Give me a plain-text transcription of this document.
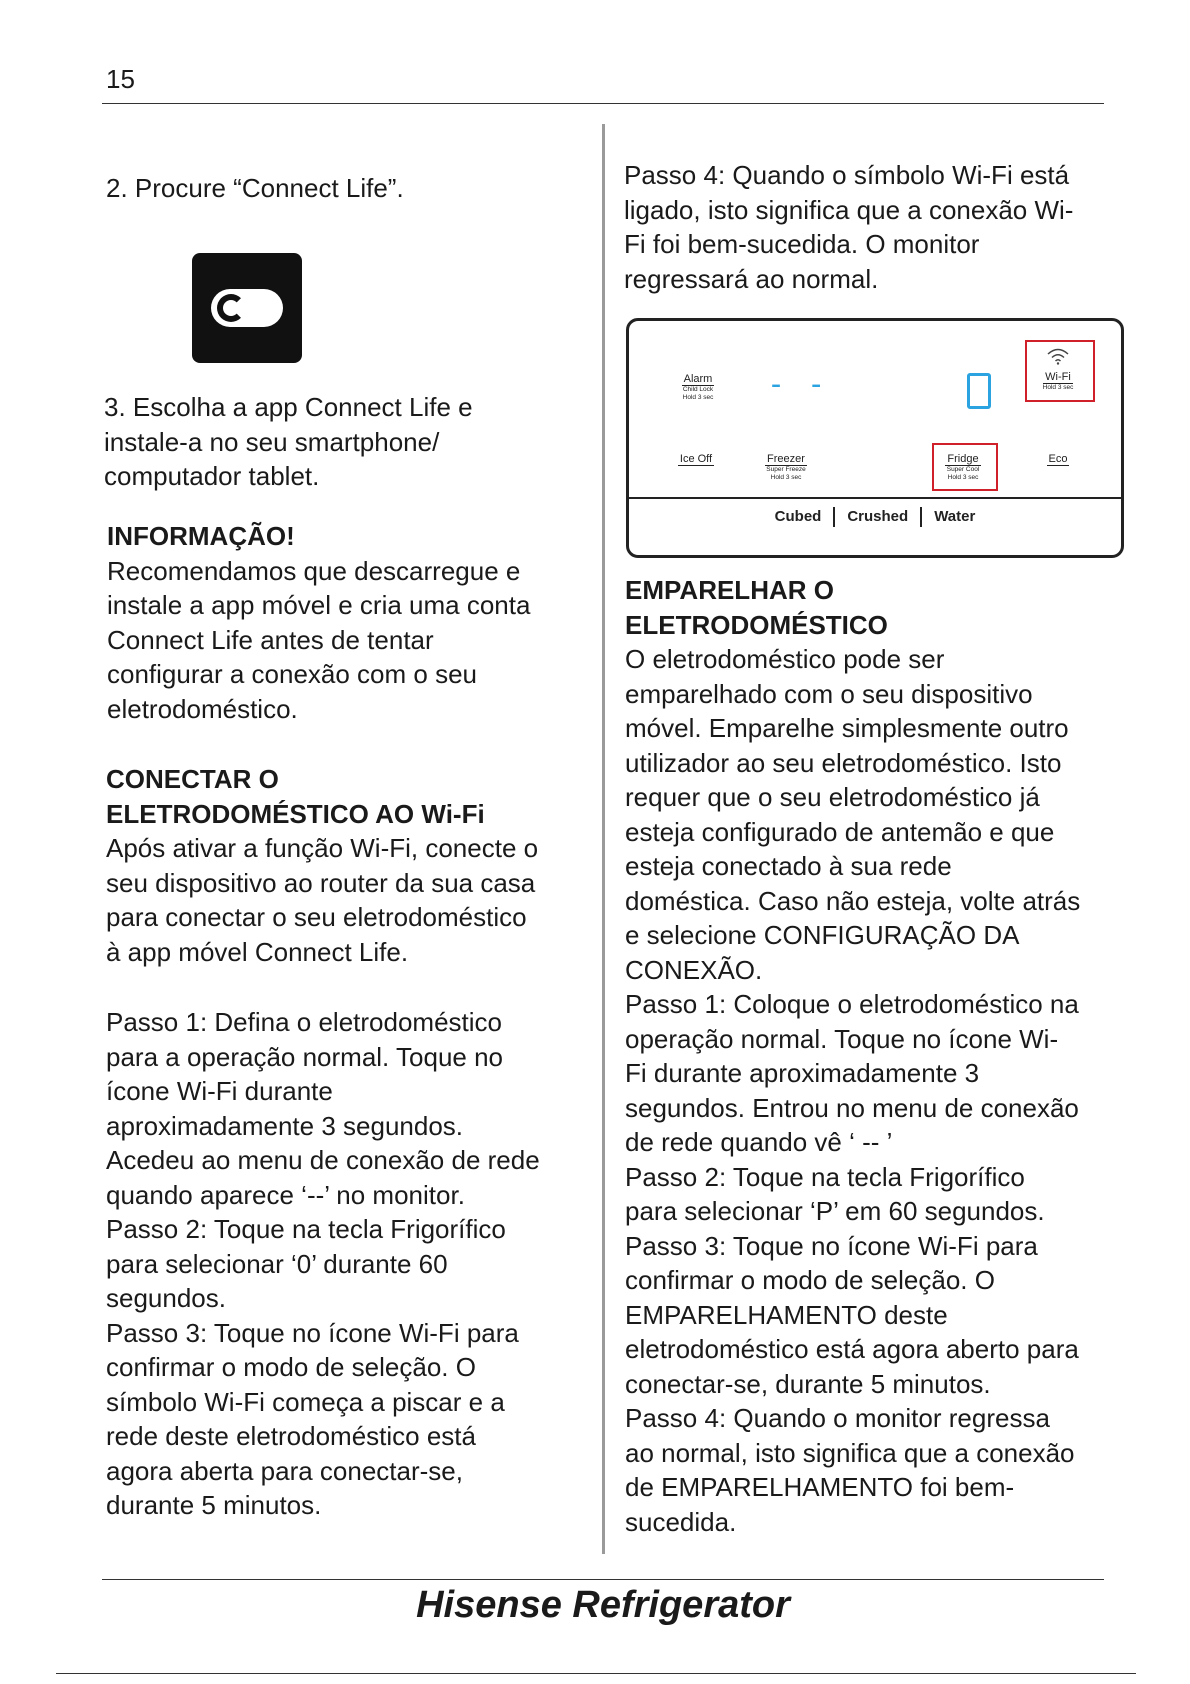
15

2. Procure “Connect Life”.

3. Escolha a app Connect Life e

instale-a no seu smartphone/

computador tablet.

INFORMAÇÃO!

Recomendamos que descarregue e

instale a app móvel e cria uma conta

Connect Life antes de tentar

configurar a conexão com o seu

eletrodoméstico.

CONECTAR O

ELETRODOMÉSTICO AO Wi-Fi

Após ativar a função Wi-Fi, conecte o

seu dispositivo ao router da sua casa

para conectar o seu eletrodoméstico

à app móvel Connect Life.

Passo 1: Defina o eletrodoméstico

para a operação normal. Toque no

ícone Wi-Fi durante

aproximadamente 3 segundos.

Acedeu ao menu de conexão de rede

quando aparece ‘--’ no monitor.

Passo 2: Toque na tecla Frigorífico

para selecionar ‘0’ durante 60

segundos.

Passo 3: Toque no ícone Wi-Fi para

confirmar o modo de seleção. O

símbolo Wi-Fi começa a piscar e a

rede deste eletrodoméstico está

agora aberta para conectar-se,

durante 5 minutos.

Passo 4: Quando o símbolo Wi-Fi está

ligado, isto significa que a conexão Wi-

Fi foi bem-sucedida. O monitor

regressará ao normal.

Alarm
Child Lock
Hold 3 sec	- -	Wi-Fi
Hold 3 sec
Ice Off	Freezer
Super Freeze
Hold 3 sec
Fridge
Super Cool
Hold 3 sec
Eco
Cubed Crushed Water

EMPARELHAR O

ELETRODOMÉSTICO

O eletrodoméstico pode ser

emparelhado com o seu dispositivo

móvel. Emparelhe simplesmente outro

utilizador ao seu eletrodoméstico. Isto

requer que o seu eletrodoméstico já

esteja configurado de antemão e que

esteja conectado à sua rede

doméstica. Caso não esteja, volte atrás

e selecione CONFIGURAÇÃO DA

CONEXÃO.

Passo 1: Coloque o eletrodoméstico na

operação normal. Toque no ícone Wi-

Fi durante aproximadamente 3

segundos. Entrou no menu de conexão

de rede quando vê ‘ -- ’

Passo 2: Toque na tecla Frigorífico

para selecionar ‘P’ em 60 segundos.

Passo 3: Toque no ícone Wi-Fi para

confirmar o modo de seleção. O

EMPARELHAMENTO deste

eletrodoméstico está agora aberto para

conectar-se, durante 5 minutos.

Passo 4: Quando o monitor regressa

ao normal, isto significa que a conexão

de EMPARELHAMENTO foi bem-

sucedida.

Hisense Refrigerator
